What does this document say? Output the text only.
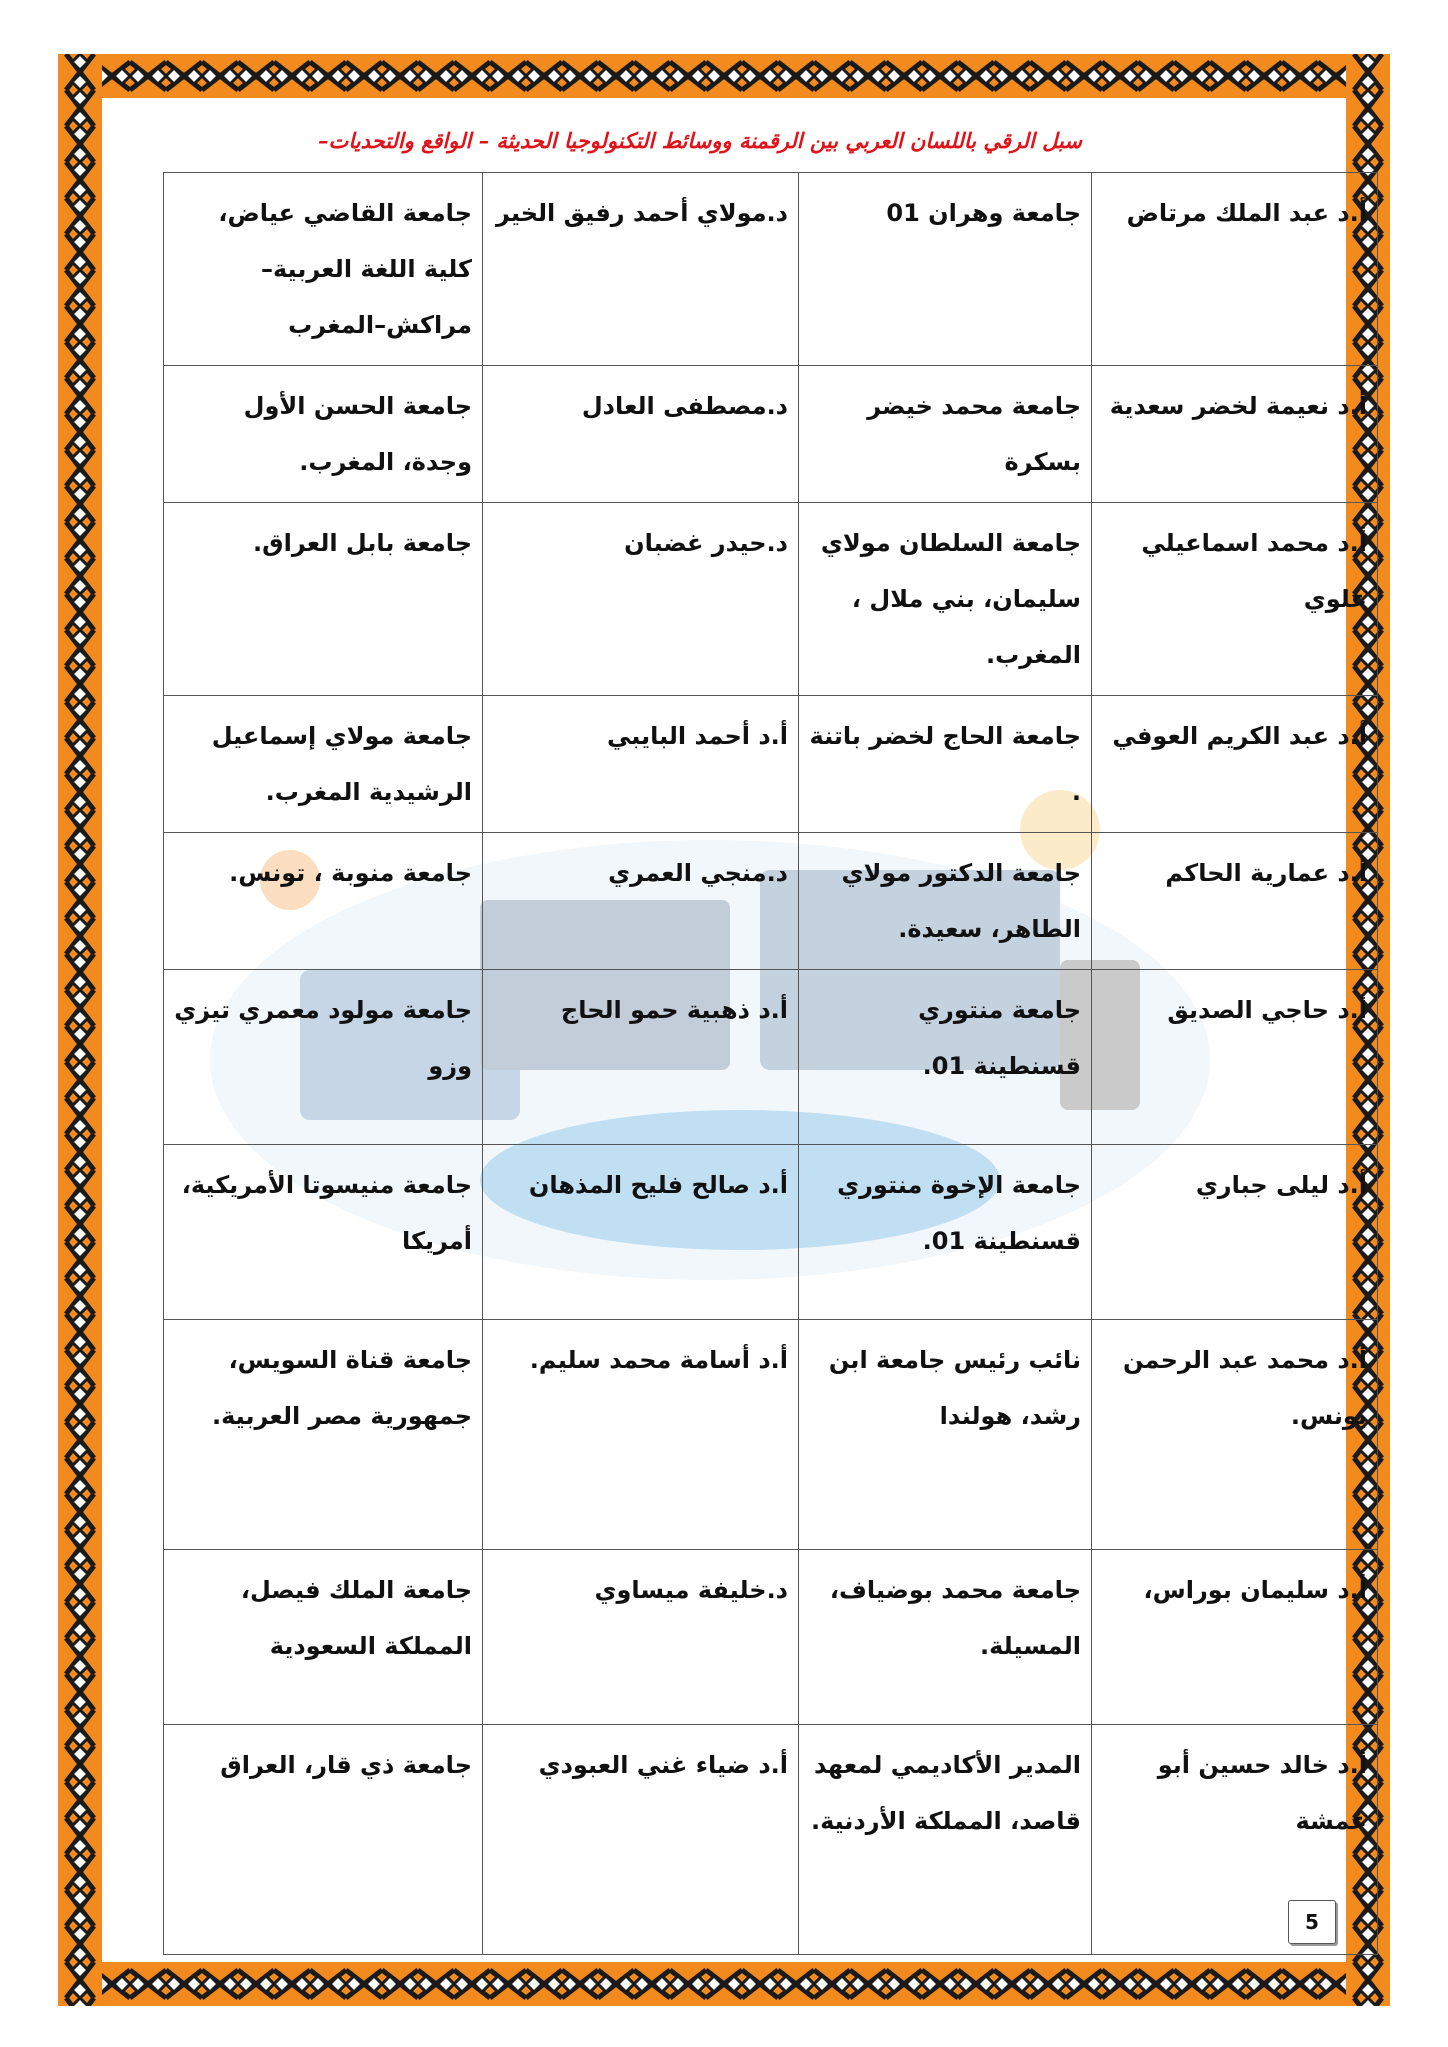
سبل الرقي باللسان العربي بين الرقمنة ووسائط التكنولوجيا الحديثة – الواقع والتحديات–
أ.د عبد الملك مرتاض	جامعة وهران 01	د.مولاي أحمد رفيق الخير	جامعة القاضي عياض، كلية اللغة العربية– مراكش–المغرب
أ.د نعيمة لخضر سعدية	جامعة محمد خيضر بسكرة	د.مصطفى العادل	جامعة الحسن الأول وجدة، المغرب.
أ.د محمد اسماعيلي علوي	جامعة السلطان مولاي سليمان، بني ملال ، المغرب.	د.حيدر غضبان	جامعة بابل العراق.
أ.د عبد الكريم العوفي	جامعة الحاج لخضر باتنة .	أ.د أحمد البايبي	جامعة مولاي إسماعيل الرشيدية المغرب.
أ.د عمارية الحاكم	جامعة الدكتور مولاي الطاهر، سعيدة.	د.منجي العمري	جامعة منوبة ، تونس.
أ.د حاجي الصديق	جامعة منتوري قسنطينة 01.	أ.د ذهبية حمو الحاج	جامعة مولود معمري تيزي وزو
أ.د ليلى جباري	جامعة الإخوة منتوري قسنطينة 01.	أ.د صالح فليح المذهان	جامعة منيسوتا الأمريكية، أمريكا
أ.د محمد عبد الرحمن يونس.	نائب رئيس جامعة ابن رشد، هولندا	أ.د أسامة محمد سليم.	جامعة قناة السويس، جمهورية مصر العربية.
أ.د سليمان بوراس،	جامعة محمد بوضياف، المسيلة.	د.خليفة ميساوي	جامعة الملك فيصل، المملكة السعودية
أ.د خالد حسين أبو عمشة	المدير الأكاديمي لمعهد قاصد، المملكة الأردنية.	أ.د ضياء غني العبودي	جامعة ذي قار، العراق
5
